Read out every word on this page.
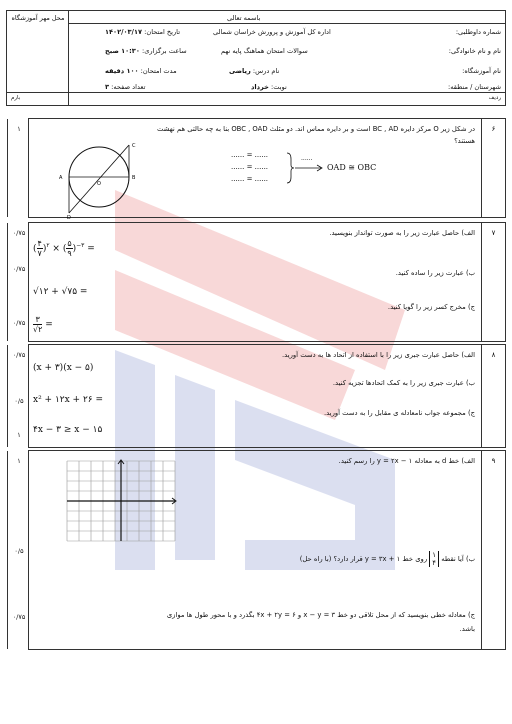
محل مهر آموزشگاه	باسمه تعالی
شماره داوطلبی:
اداره کل آموزش و پرورش خراسان شمالی
تاریخ امتحان: ۱۴۰۲/۰۳/۱۷
نام و نام خانوادگی:
سوالات امتحان هماهنگ پایه نهم
ساعت برگزاری: ۱۰:۳۰ صبح
نام آموزشگاه:
نام درس: ریاضی
مدت امتحان: ۱۰۰ دقیقه
شهرستان / منطقه:
نوبت: خرداد
تعداد صفحه: ۳
ردیف
بارم
۱	۶
در شکل زیر O مرکز دایره BC , AD است و بر دایره مماس اند. دو مثلث OBC , OAD بنا به چه حالتی هم نهشت
هستند؟
A	B
C
D
O
...... = ......
...... = ......
...... = ......
......
OAD ≅ OBC
۰/۷۵
۰/۷۵
۰/۷۵
۷
الف) حاصل عبارت زیر را به صورت توانداز بنویسید.
( $\frac{۴}{۷} )^۲$ × ( $\frac{۵}{۹} )^{-۳}$ =
ب) عبارت زیر را ساده کنید.
√۱۲ + √۷۵ =
ج) مخرج کسر زیر را گویا کنید.
$\frac{۳}{√۲}$ =
۰/۷۵
۰/۵
۱
۸
الف) حاصل عبارت جبری زیر را با استفاده از اتحاد ها به دست آورید.
(x + ۳)(x − ۵)
ب) عبارت جبری زیر را به کمک اتحادها تجزیه کنید.
x² + ۱۲x + ۲۶ =
ج) مجموعه جواب نامعادله ی مقابل را به دست آورید.
۴x − ۳ ≥ x − ۱۵
۱
۰/۵
۰/۷۵
۹
الف) خط d به معادله y = ۲x − ۱ را رسم کنید.
ب) آیا نقطه
۱
۴
روی خط y = ۳x + ۱ قرار دارد؟ (با راه حل)
ج) معادله خطی بنویسید که از محل تلاقی دو خط x − y = ۳ و ۴x + ۲y = ۶ بگذرد و با محور طول ها موازی
باشد.
